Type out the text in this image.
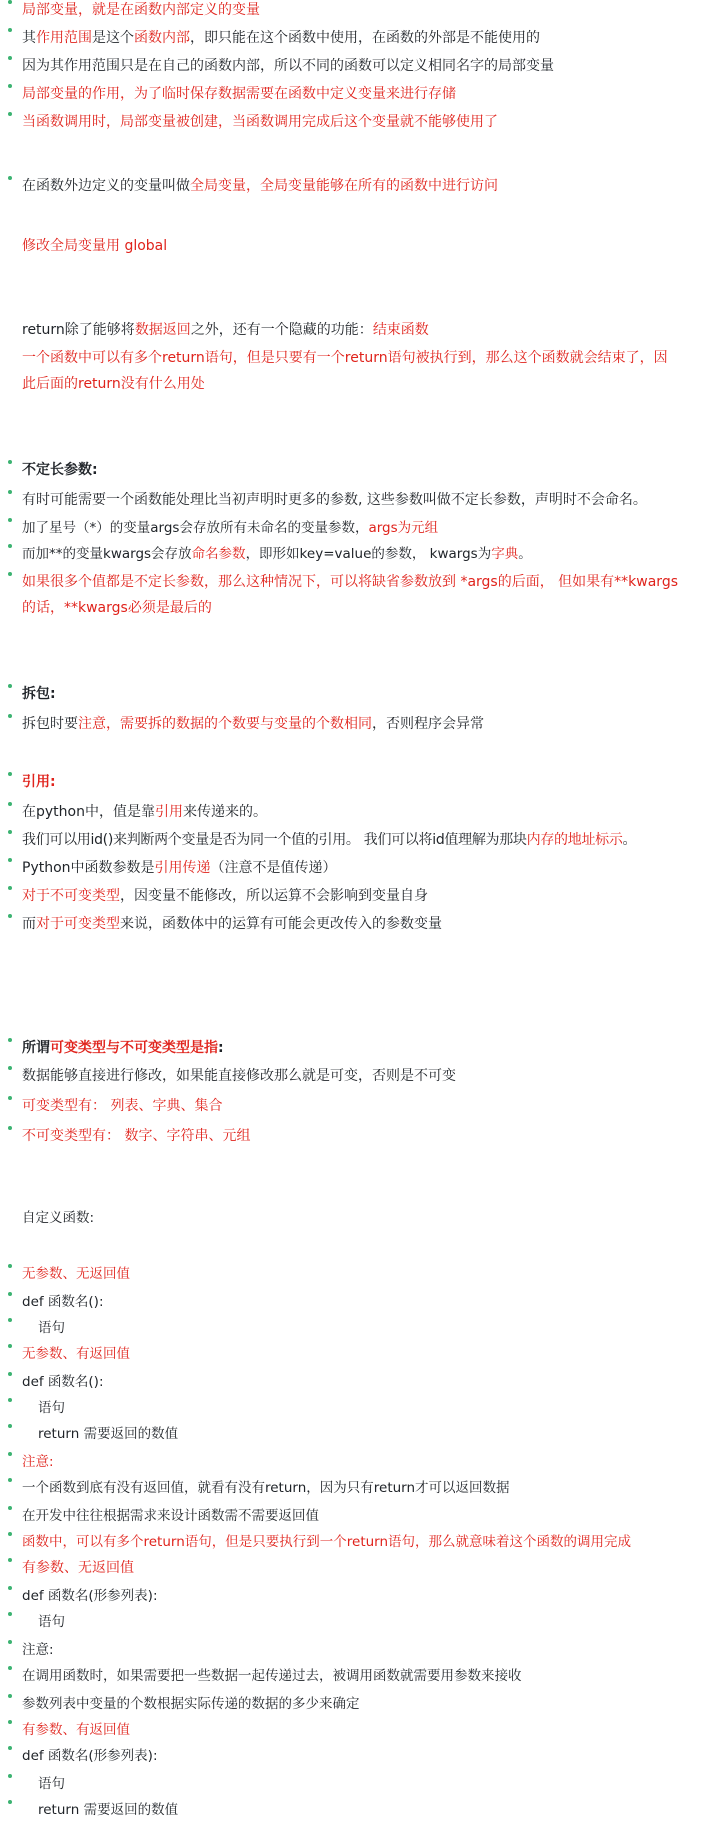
局部变量，就是在函数内部定义的变量
其作用范围是这个函数内部，即只能在这个函数中使用，在函数的外部是不能使用的
因为其作用范围只是在自己的函数内部，所以不同的函数可以定义相同名字的局部变量
局部变量的作用，为了临时保存数据需要在函数中定义变量来进行存储
当函数调用时，局部变量被创建，当函数调用完成后这个变量就不能够使用了
在函数外边定义的变量叫做全局变量，全局变量能够在所有的函数中进行访问
修改全局变量用 global
return除了能够将数据返回之外，还有一个隐藏的功能：结束函数
一个函数中可以有多个return语句，但是只要有一个return语句被执行到，那么这个函数就会结束了，因
此后面的return没有什么用处
不定长参数:
有时可能需要一个函数能处理比当初声明时更多的参数, 这些参数叫做不定长参数，声明时不会命名。
加了星号（*）的变量args会存放所有未命名的变量参数，args为元组
而加**的变量kwargs会存放命名参数，即形如key=value的参数， kwargs为字典。
如果很多个值都是不定长参数，那么这种情况下，可以将缺省参数放到 *args的后面， 但如果有**kwargs
的话，**kwargs必须是最后的
拆包:
拆包时要注意，需要拆的数据的个数要与变量的个数相同，否则程序会异常
引用:
在python中，值是靠引用来传递来的。
我们可以用id()来判断两个变量是否为同一个值的引用。 我们可以将id值理解为那块内存的地址标示。
Python中函数参数是引用传递（注意不是值传递）
对于不可变类型，因变量不能修改，所以运算不会影响到变量自身
而对于可变类型来说，函数体中的运算有可能会更改传入的参数变量
所谓可变类型与不可变类型是指:
数据能够直接进行修改，如果能直接修改那么就是可变，否则是不可变
可变类型有： 列表、字典、集合
不可变类型有： 数字、字符串、元组
自定义函数:
无参数、无返回值
def 函数名():
语句
无参数、有返回值
def 函数名():
语句
return 需要返回的数值
注意:
一个函数到底有没有返回值，就看有没有return，因为只有return才可以返回数据
在开发中往往根据需求来设计函数需不需要返回值
函数中，可以有多个return语句，但是只要执行到一个return语句，那么就意味着这个函数的调用完成
有参数、无返回值
def 函数名(形参列表):
语句
注意:
在调用函数时，如果需要把一些数据一起传递过去，被调用函数就需要用参数来接收
参数列表中变量的个数根据实际传递的数据的多少来确定
有参数、有返回值
def 函数名(形参列表):
语句
return 需要返回的数值
